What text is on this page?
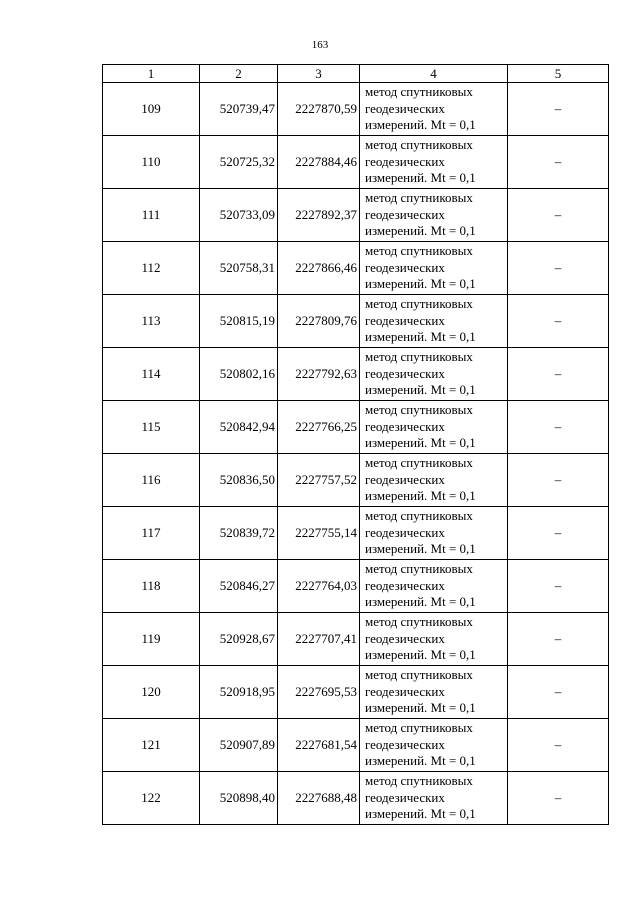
163
1	2	3	4	5
109	520739,47	2227870,59	метод спутниковых
геодезических
измерений. Mt = 0,1	–
110	520725,32	2227884,46	метод спутниковых
геодезических
измерений. Mt = 0,1	–
111	520733,09	2227892,37	метод спутниковых
геодезических
измерений. Mt = 0,1	–
112	520758,31	2227866,46	метод спутниковых
геодезических
измерений. Mt = 0,1	–
113	520815,19	2227809,76	метод спутниковых
геодезических
измерений. Mt = 0,1	–
114	520802,16	2227792,63	метод спутниковых
геодезических
измерений. Mt = 0,1	–
115	520842,94	2227766,25	метод спутниковых
геодезических
измерений. Mt = 0,1	–
116	520836,50	2227757,52	метод спутниковых
геодезических
измерений. Mt = 0,1	–
117	520839,72	2227755,14	метод спутниковых
геодезических
измерений. Mt = 0,1	–
118	520846,27	2227764,03	метод спутниковых
геодезических
измерений. Mt = 0,1	–
119	520928,67	2227707,41	метод спутниковых
геодезических
измерений. Mt = 0,1	–
120	520918,95	2227695,53	метод спутниковых
геодезических
измерений. Mt = 0,1	–
121	520907,89	2227681,54	метод спутниковых
геодезических
измерений. Mt = 0,1	–
122	520898,40	2227688,48	метод спутниковых
геодезических
измерений. Mt = 0,1	–
